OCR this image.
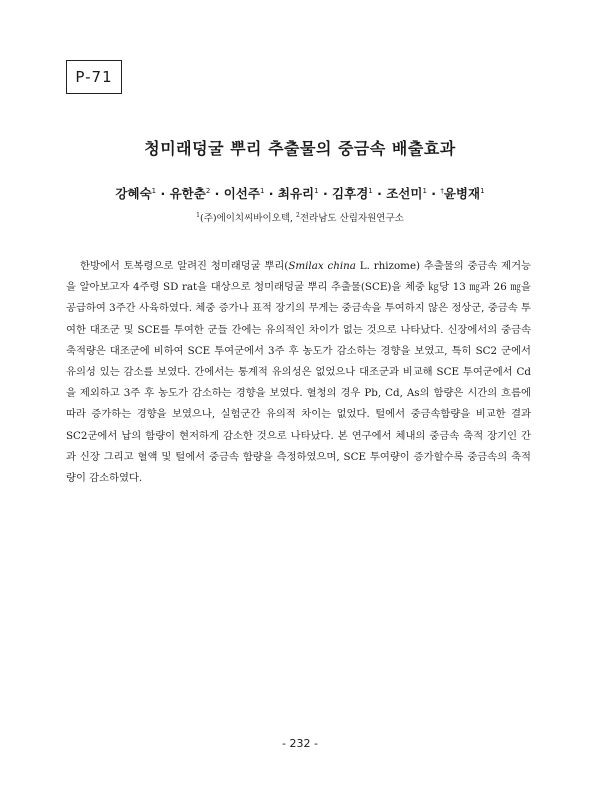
P-71
청미래덩굴 뿌리 추출물의 중금속 배출효과
강혜숙$^1$ · 유한춘$^2$ · 이선주$^1$ · 최유리$^1$ · 김후경$^1$ · 조선미$^1$ · †윤병재$^1$
$^1$(주)에이치씨바이오텍, $^2$전라남도 산림자원연구소

한방에서 토복령으로 알려진 청미래덩굴 뿌리(Smilax china L. rhizome) 추출물의 중금속 제거능을 알아보고자 4주령 SD rat을 대상으로 청미래덩굴 뿌리 추출물(SCE)을 체중 ㎏당 13 ㎎과 26 ㎎을 공급하여 3주간 사육하였다. 체중 증가나 표적 장기의 무게는 중금속을 투여하지 않은 정상군, 중금속 투여한 대조군 및 SCE를 투여한 군들 간에는 유의적인 차이가 없는 것으로 나타났다. 신장에서의 중금속 축적량은 대조군에 비하여 SCE 투여군에서 3주 후 농도가 감소하는 경향을 보였고, 특히 SC2 군에서 유의성 있는 감소를 보였다. 간에서는 통계적 유의성은 없었으나 대조군과 비교해 SCE 투여군에서 Cd을 제외하고 3주 후 농도가 감소하는 경향을 보였다. 혈청의 경우 Pb, Cd, As의 함량은 시간의 흐름에 따라 증가하는 경향을 보였으나, 실험군간 유의적 차이는 없었다. 털에서 중금속함량을 비교한 결과 SC2군에서 납의 함량이 현저하게 감소한 것으로 나타났다. 본 연구에서 체내의 중금속 축적 장기인 간과 신장 그리고 혈액 및 털에서 중금속 함량을 측정하였으며, SCE 투여량이 증가할수록 중금속의 축적량이 감소하였다.

- 232 -
